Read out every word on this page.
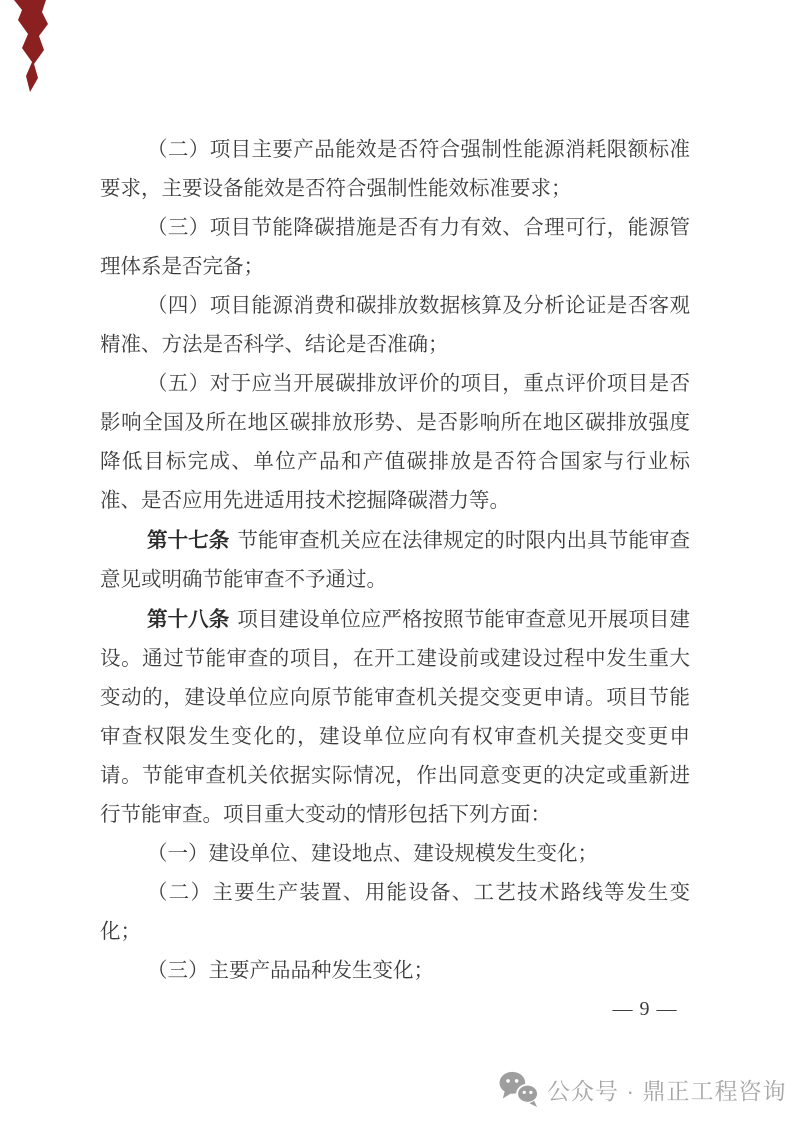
（二）项目主要产品能效是否符合强制性能源消耗限额标准
要求，主要设备能效是否符合强制性能效标准要求；
（三）项目节能降碳措施是否有力有效、合理可行，能源管
理体系是否完备；
（四）项目能源消费和碳排放数据核算及分析论证是否客观
精准、方法是否科学、结论是否准确；
（五）对于应当开展碳排放评价的项目，重点评价项目是否
影响全国及所在地区碳排放形势、是否影响所在地区碳排放强度
降低目标完成、单位产品和产值碳排放是否符合国家与行业标
准、是否应用先进适用技术挖掘降碳潜力等。
第十七条 节能审查机关应在法律规定的时限内出具节能审查
意见或明确节能审查不予通过。
第十八条 项目建设单位应严格按照节能审查意见开展项目建
设。通过节能审查的项目，在开工建设前或建设过程中发生重大
变动的，建设单位应向原节能审查机关提交变更申请。项目节能
审查权限发生变化的，建设单位应向有权审查机关提交变更申
请。节能审查机关依据实际情况，作出同意变更的决定或重新进
行节能审查。项目重大变动的情形包括下列方面：
（一）建设单位、建设地点、建设规模发生变化；
（二）主要生产装置、用能设备、工艺技术路线等发生变
化；
（三）主要产品品种发生变化；
— 9 —
公众号 · 鼎正工程咨询
